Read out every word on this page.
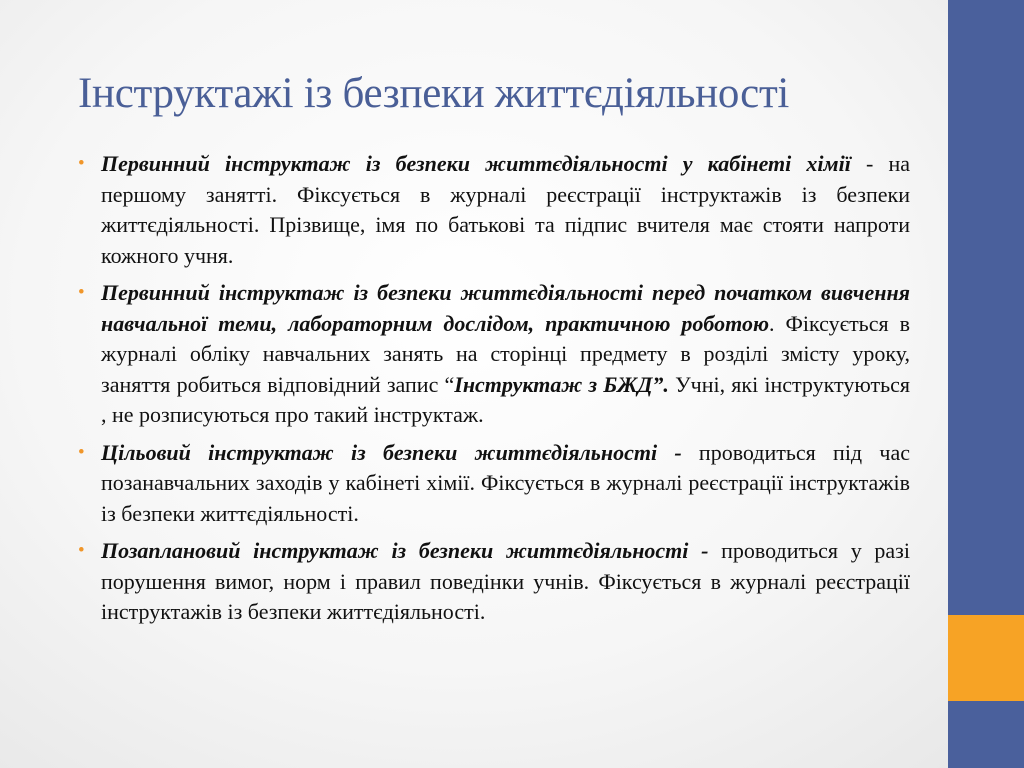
Інструктажі із безпеки життєдіяльності
• Первинний інструктаж із безпеки життєдіяльності у кабінеті хімії - на першому занятті. Фіксується в журналі реєстрації інструктажів із безпеки життєдіяльності. Прізвище, імя по батькові та підпис вчителя має стояти напроти кожного учня.
• Первинний інструктаж із безпеки життєдіяльності перед початком вивчення навчальної теми, лабораторним дослідом, практичною роботою. Фіксується в журналі обліку навчальних занять на сторінці предмету в розділі змісту уроку, заняття робиться відповідний запис “Інструктаж з БЖД”. Учні, які інструктуються , не розписуються про такий інструктаж.
• Цільовий інструктаж із безпеки життєдіяльності - проводиться під час позанавчальних заходів у кабінеті хімії. Фіксується в журналі реєстрації інструктажів із безпеки життєдіяльності.
• Позаплановий інструктаж із безпеки життєдіяльності - проводиться у разі порушення вимог, норм і правил поведінки учнів. Фіксується в журналі реєстрації інструктажів із безпеки життєдіяльності.
